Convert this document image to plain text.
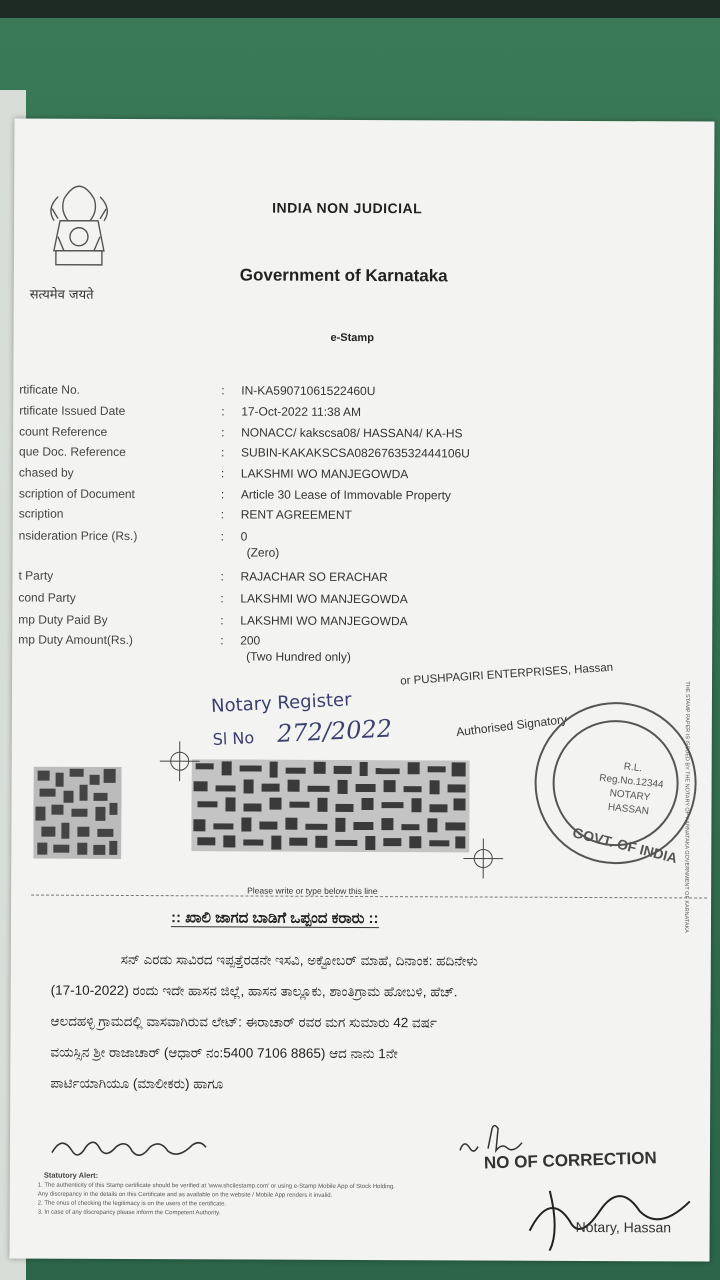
सत्यमेव जयते
INDIA NON JUDICIAL
Government of Karnataka
e-Stamp
rtificate No.	: IN-KA59071061522460U
rtificate Issued Date	: 17-Oct-2022 11:38 AM
count Reference	: NONACC/ kakscsa08/ HASSAN4/ KA-HS
que Doc. Reference	: SUBIN-KAKAKSCSA0826763532444106U
chased by	: LAKSHMI WO MANJEGOWDA
scription of Document	: Article 30 Lease of Immovable Property
scription	: RENT AGREEMENT
nsideration Price (Rs.)	: 0
(Zero)
t Party	: RAJACHAR SO ERACHAR
cond Party	: LAKSHMI WO MANJEGOWDA
mp Duty Paid By	: LAKSHMI WO MANJEGOWDA
mp Duty Amount(Rs.)	: 200
(Two Hundred only)
or PUSHPAGIRI ENTERPRISES, Hassan
Authorised Signatory
Notary Register
Sl No 272/2022
R.L.
Reg.No.12344
NOTARY
HASSAN
GOVT. OF INDIA
Please write or type below this line
:: ಖಾಲಿ ಜಾಗದ ಬಾಡಿಗೆ ಒಪ್ಪಂದ ಕರಾರು ::
ಸನ್ ಎರಡು ಸಾವಿರದ ಇಪ್ಪತ್ತೆರಡನೇ ಇಸವಿ, ಅಕ್ಟೋಬರ್ ಮಾಹೆ, ದಿನಾಂಕ: ಹದಿನೇಳು
(17-10-2022) ರಂದು ಇದೇ ಹಾಸನ ಜಿಲ್ಲೆ, ಹಾಸನ ತಾಲ್ಲೂಕು, ಶಾಂತಿಗ್ರಾಮ ಹೋಬಳಿ, ಹೆಚ್.
ಆಲದಹಳ್ಳಿ ಗ್ರಾಮದಲ್ಲಿ ವಾಸವಾಗಿರುವ ಲೇಟ್: ಈರಾಚಾರ್ ರವರ ಮಗ ಸುಮಾರು 42 ವರ್ಷ
ವಯಸ್ಸಿನ ಶ್ರೀ ರಾಜಾಚಾರ್ (ಆಧಾರ್ ನಂ:5400 7106 8865) ಆದ ನಾನು 1ನೇ
ಪಾರ್ಟಿಯಾಗಿಯೂ (ಮಾಲೀಕರು) ಹಾಗೂ
NO OF CORRECTION
Notary, Hassan
Statutory Alert:
1. The authenticity of this Stamp certificate should be verified at 'www.shcilestamp.com' or using e-Stamp Mobile App of Stock Holding.
Any discrepancy in the details on this Certificate and as available on the website / Mobile App renders it invalid.
2. The onus of checking the legitimacy is on the users of the certificate.
3. In case of any discrepancy please inform the Competent Authority.
THE STAMP PAPER IS ISSUED BY THE NOTARY OF KARNATAKA GOVERNMENT OF KARNATAKA
